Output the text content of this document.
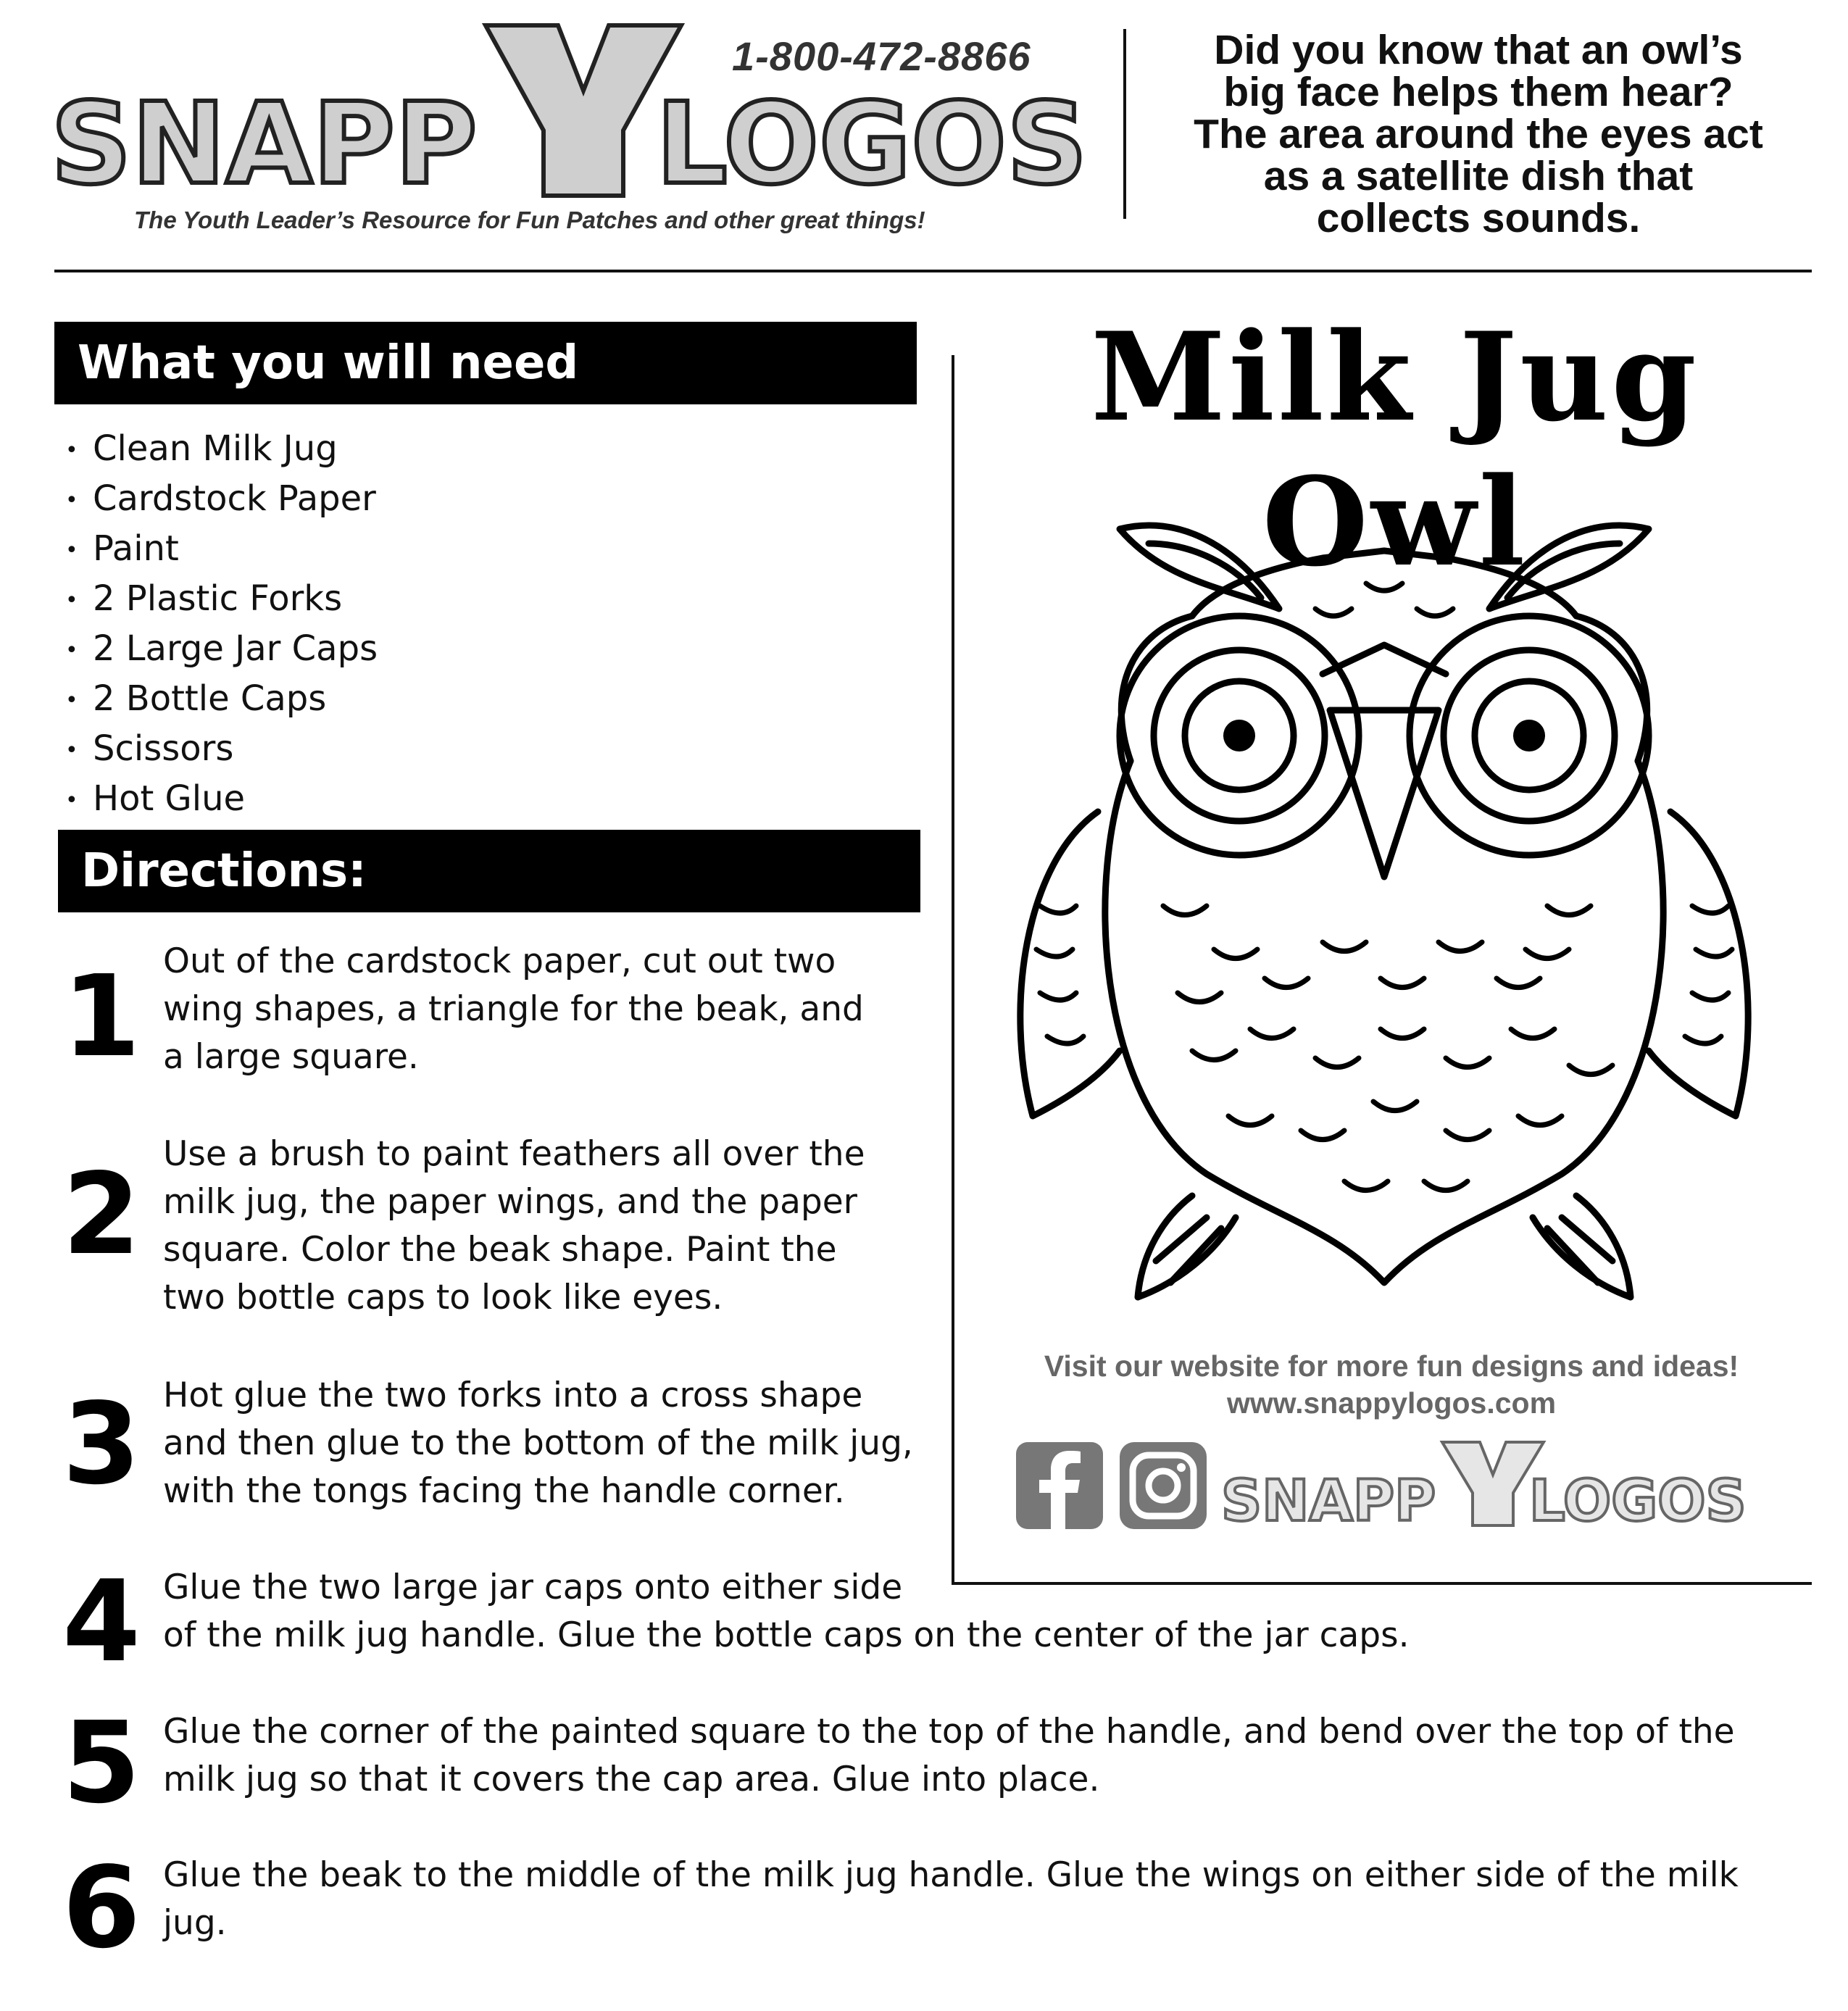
SNAPP LOGOS
1-800-472-8866
The Youth Leader’s Resource for Fun Patches and other great things!
Did you know that an owl’s
big face helps them hear?
The area around the eyes act
as a satellite dish that
collects sounds.
What you will need
• Clean Milk Jug
• Cardstock Paper
• Paint
• 2 Plastic Forks
• 2 Large Jar Caps
• 2 Bottle Caps
• Scissors
• Hot Glue
Directions:
1 Out of the cardstock paper, cut out two
wing shapes, a triangle for the beak, and
a large square.
2 Use a brush to paint feathers all over the
milk jug, the paper wings, and the paper
square. Color the beak shape. Paint the
two bottle caps to look like eyes.
3 Hot glue the two forks into a cross shape
and then glue to the bottom of the milk jug,
with the tongs facing the handle corner.
4 Glue the two large jar caps onto either side
of the milk jug handle. Glue the bottle caps on the center of the jar caps.
5 Glue the corner of the painted square to the top of the handle, and bend over the top of the
milk jug so that it covers the cap area. Glue into place.
6 Glue the beak to the middle of the milk jug handle. Glue the wings on either side of the milk
jug.
Milk Jug Owl
Visit our website for more fun designs and ideas!
www.snappylogos.com
SNAPP LOGOS
